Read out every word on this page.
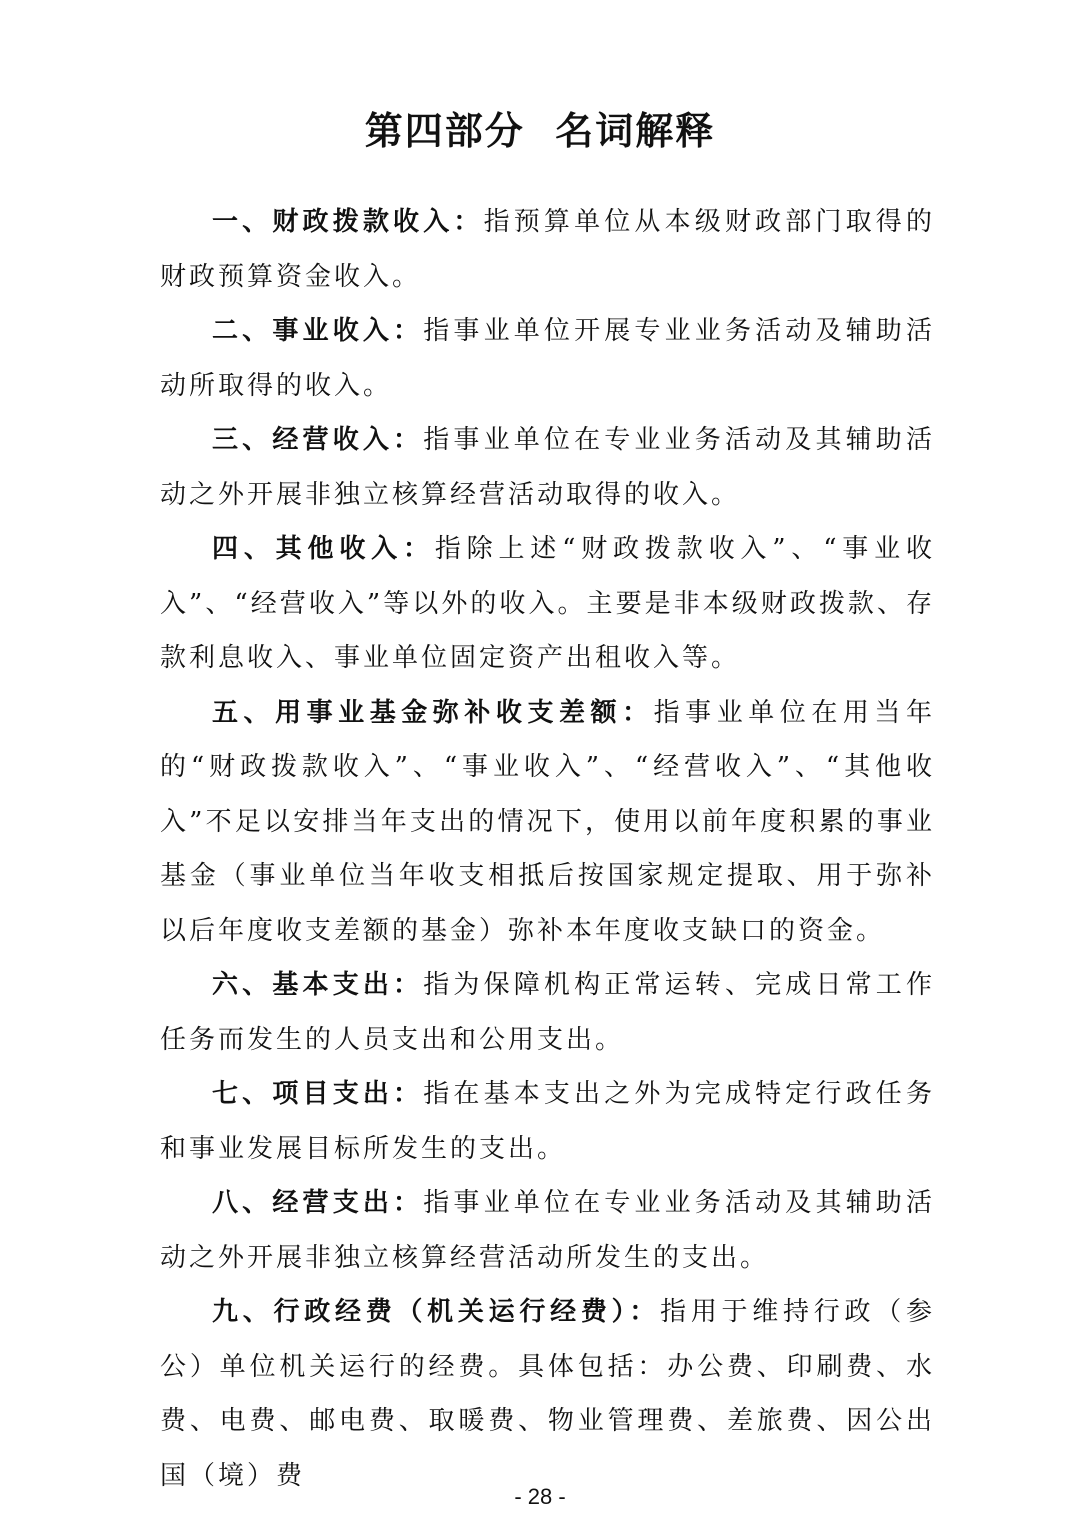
第四部分  名词解释

一、财政拨款收入：指预算单位从本级财政部门取得的财政预算资金收入。

二、事业收入：指事业单位开展专业业务活动及辅助活动所取得的收入。

三、经营收入：指事业单位在专业业务活动及其辅助活动之外开展非独立核算经营活动取得的收入。

四、其他收入：指除上述“财政拨款收入”、“事业收入”、“经营收入”等以外的收入。主要是非本级财政拨款、存款利息收入、事业单位固定资产出租收入等。

五、用事业基金弥补收支差额：指事业单位在用当年的“财政拨款收入”、“事业收入”、“经营收入”、“其他收入”不足以安排当年支出的情况下，使用以前年度积累的事业基金（事业单位当年收支相抵后按国家规定提取、用于弥补以后年度收支差额的基金）弥补本年度收支缺口的资金。

六、基本支出：指为保障机构正常运转、完成日常工作任务而发生的人员支出和公用支出。

七、项目支出：指在基本支出之外为完成特定行政任务和事业发展目标所发生的支出。

八、经营支出：指事业单位在专业业务活动及其辅助活动之外开展非独立核算经营活动所发生的支出。

九、行政经费（机关运行经费）：指用于维持行政（参公）单位机关运行的经费。具体包括：办公费、印刷费、水费、电费、邮电费、取暖费、物业管理费、差旅费、因公出国（境）费

- 28 -
